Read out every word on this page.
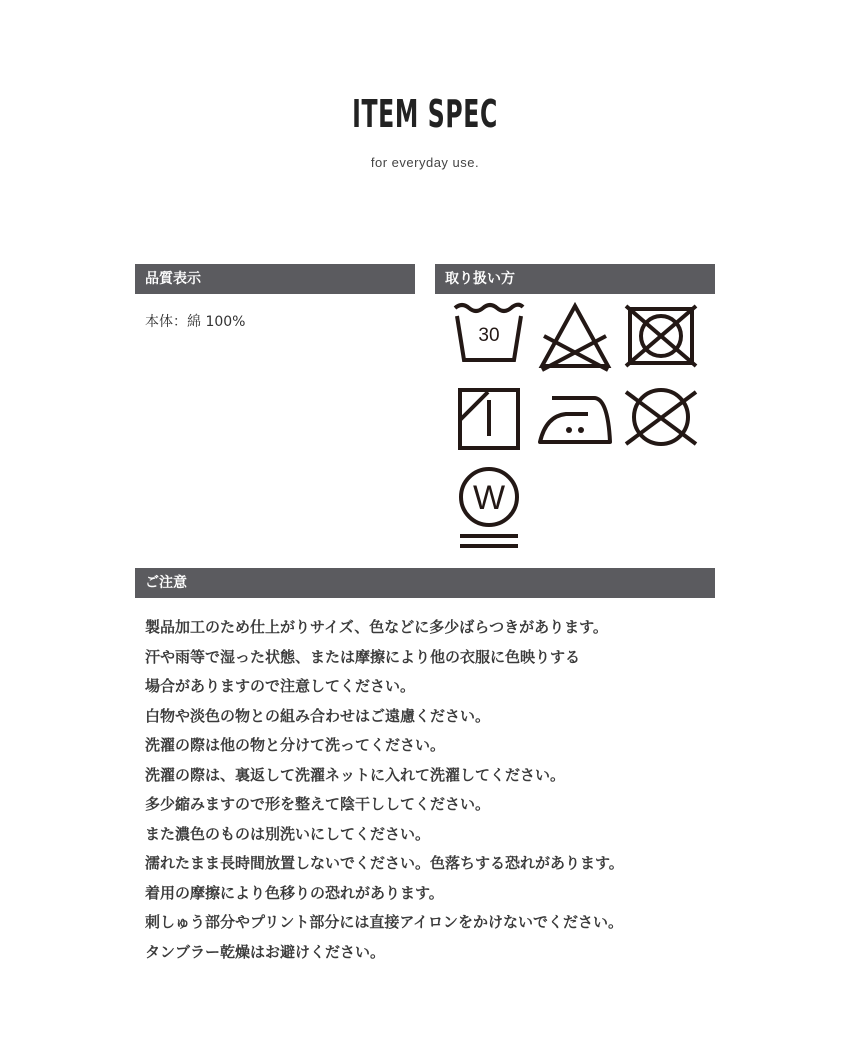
ITEM SPEC
for everyday use.
品質表示
本体：綿 100%
取り扱い方
30
W
ご注意
製品加工のため仕上がりサイズ、色などに多少ばらつきがあります。
汗や雨等で湿った状態、または摩擦により他の衣服に色映りする
場合がありますので注意してください。
白物や淡色の物との組み合わせはご遠慮ください。
洗濯の際は他の物と分けて洗ってください。
洗濯の際は、裏返して洗濯ネットに入れて洗濯してください。
多少縮みますので形を整えて陰干ししてください。
また濃色のものは別洗いにしてください。
濡れたまま長時間放置しないでください。色落ちする恐れがあります。
着用の摩擦により色移りの恐れがあります。
刺しゅう部分やプリント部分には直接アイロンをかけないでください。
タンブラー乾燥はお避けください。
